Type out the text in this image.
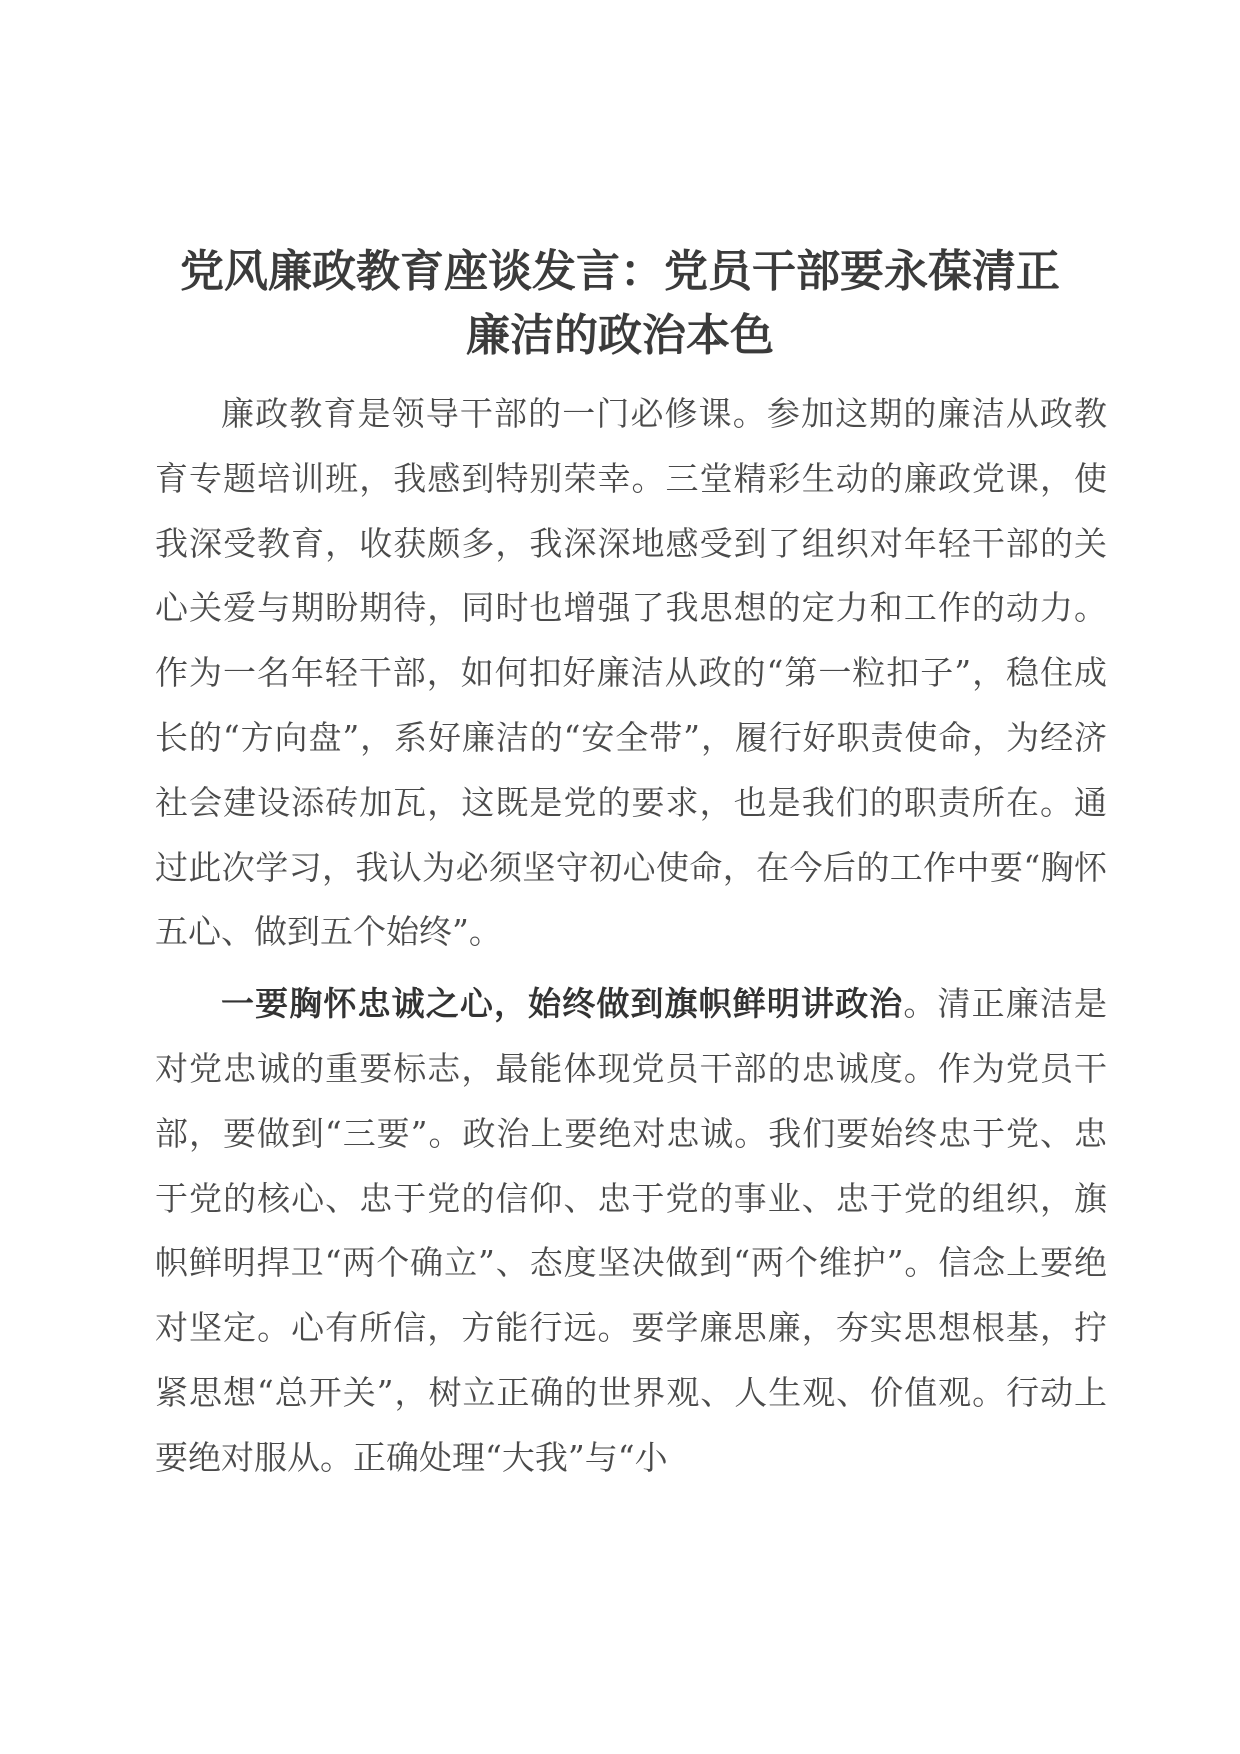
党风廉政教育座谈发言：党员干部要永葆清正
廉洁的政治本色

廉政教育是领导干部的一门必修课。参加这期的廉洁从政教育专题培训班，我感到特别荣幸。三堂精彩生动的廉政党课，使我深受教育，收获颇多，我深深地感受到了组织对年轻干部的关心关爱与期盼期待，同时也增强了我思想的定力和工作的动力。作为一名年轻干部，如何扣好廉洁从政的“第一粒扣子”，稳住成长的“方向盘”，系好廉洁的“安全带”，履行好职责使命，为经济社会建设添砖加瓦，这既是党的要求，也是我们的职责所在。通过此次学习，我认为必须坚守初心使命，在今后的工作中要“胸怀五心、做到五个始终”。

一要胸怀忠诚之心，始终做到旗帜鲜明讲政治。清正廉洁是对党忠诚的重要标志，最能体现党员干部的忠诚度。作为党员干部，要做到“三要”。政治上要绝对忠诚。我们要始终忠于党、忠于党的核心、忠于党的信仰、忠于党的事业、忠于党的组织，旗帜鲜明捍卫“两个确立”、态度坚决做到“两个维护”。信念上要绝对坚定。心有所信，方能行远。要学廉思廉，夯实思想根基，拧紧思想“总开关”，树立正确的世界观、人生观、价值观。行动上要绝对服从。正确处理“大我”与“小
